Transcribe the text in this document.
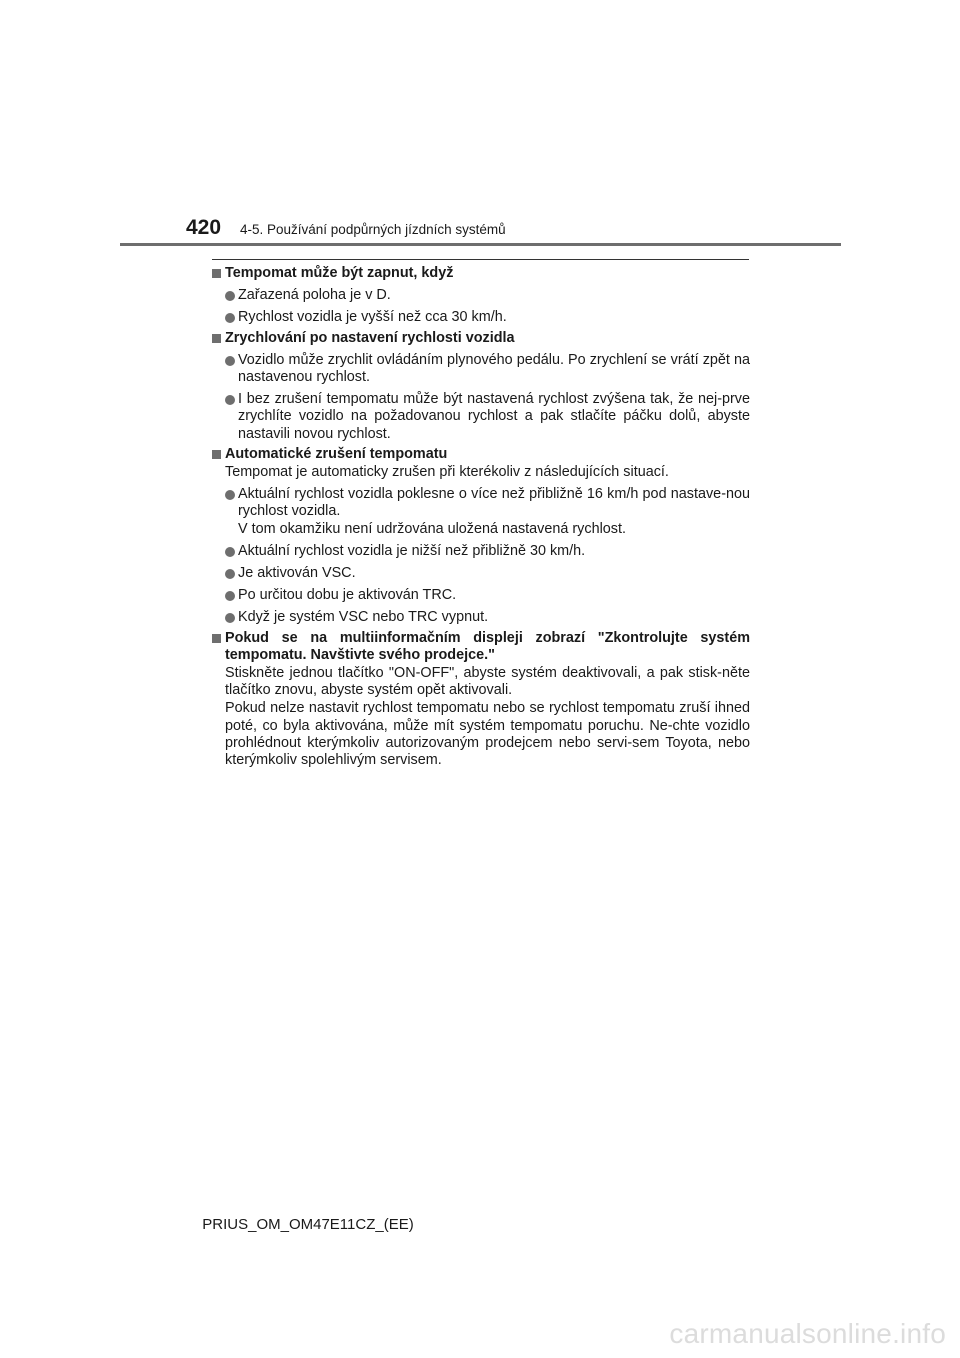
420 4-5. Používání podpůrných jízdních systémů
Tempomat může být zapnut, když
Zařazená poloha je v D.
Rychlost vozidla je vyšší než cca 30 km/h.
Zrychlování po nastavení rychlosti vozidla
Vozidlo může zrychlit ovládáním plynového pedálu. Po zrychlení se vrátí zpět na nastavenou rychlost.
I bez zrušení tempomatu může být nastavená rychlost zvýšena tak, že nej-prve zrychlíte vozidlo na požadovanou rychlost a pak stlačíte páčku dolů, abyste nastavili novou rychlost.
Automatické zrušení tempomatu
Tempomat je automaticky zrušen při kterékoliv z následujících situací.
Aktuální rychlost vozidla poklesne o více než přibližně 16 km/h pod nastave-nou rychlost vozidla.
V tom okamžiku není udržována uložená nastavená rychlost.
Aktuální rychlost vozidla je nižší než přibližně 30 km/h.
Je aktivován VSC.
Po určitou dobu je aktivován TRC.
Když je systém VSC nebo TRC vypnut.
Pokud se na multiinformačním displeji zobrazí "Zkontrolujte systém tempomatu. Navštivte svého prodejce."
Stiskněte jednou tlačítko "ON-OFF", abyste systém deaktivovali, a pak stisk-něte tlačítko znovu, abyste systém opět aktivovali.
Pokud nelze nastavit rychlost tempomatu nebo se rychlost tempomatu zruší ihned poté, co byla aktivována, může mít systém tempomatu poruchu. Ne-chte vozidlo prohlédnout kterýmkoliv autorizovaným prodejcem nebo servi-sem Toyota, nebo kterýmkoliv spolehlivým servisem.
PRIUS_OM_OM47E11CZ_(EE)
carmanualsonline.info
